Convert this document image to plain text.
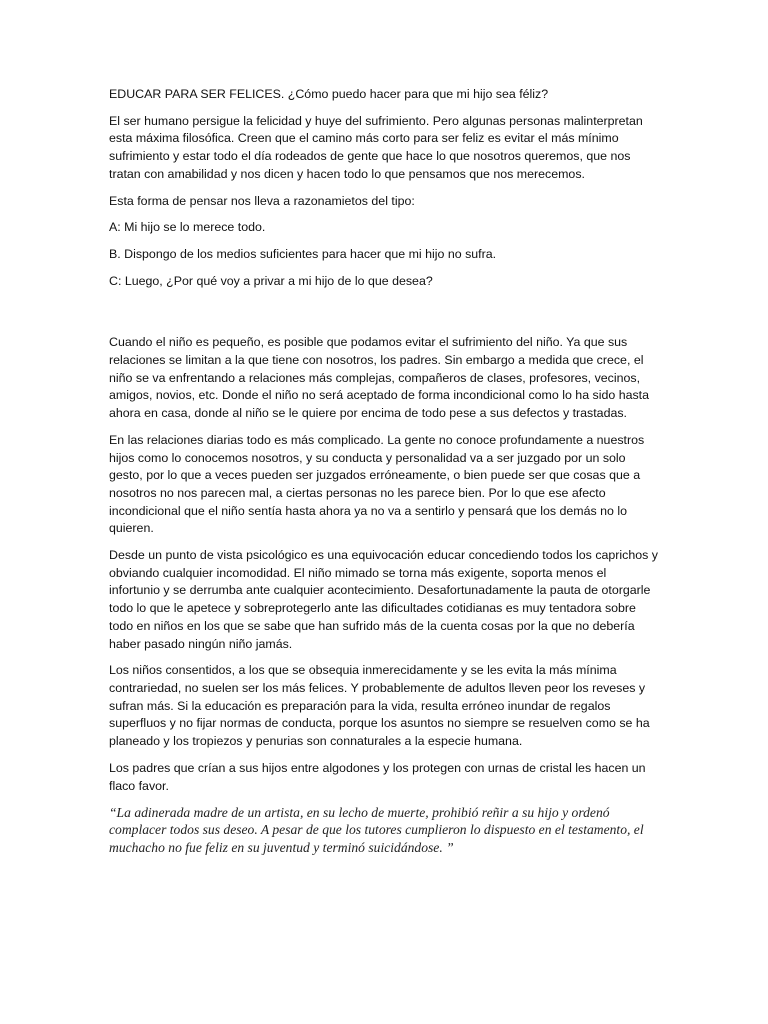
EDUCAR PARA SER FELICES. ¿Cómo puedo hacer para que mi hijo sea féliz?

El ser humano persigue la felicidad y huye del sufrimiento. Pero algunas personas malinterpretan esta máxima filosófica. Creen que el camino más corto para ser feliz es evitar el más mínimo sufrimiento y estar todo el día rodeados de gente que hace lo que nosotros queremos, que nos tratan con amabilidad y nos dicen y hacen todo lo que pensamos que nos merecemos.

Esta forma de pensar nos lleva a razonamietos del tipo:

A: Mi hijo se lo merece todo.

B. Dispongo de los medios suficientes para hacer que mi hijo no sufra.

C: Luego, ¿Por qué voy a privar a mi hijo de lo que desea?

Cuando el niño es pequeño, es posible que podamos evitar el sufrimiento del niño. Ya que sus relaciones se limitan a la que tiene con nosotros, los padres. Sin embargo a medida que crece, el niño se va enfrentando a relaciones más complejas, compañeros de clases, profesores, vecinos, amigos, novios, etc. Donde el niño no será aceptado de forma incondicional como lo ha sido hasta ahora en casa, donde al niño se le quiere por encima de todo pese a sus defectos y trastadas.

En las relaciones diarias todo es más complicado. La gente no conoce profundamente a nuestros hijos como lo conocemos nosotros, y su conducta y personalidad va a ser juzgado por un solo gesto, por lo que a veces pueden ser juzgados erróneamente, o bien puede ser que cosas que a nosotros no nos parecen mal, a ciertas personas no les parece bien. Por lo que ese afecto incondicional que el niño sentía hasta ahora ya no va a sentirlo y pensará que los demás no lo quieren.

Desde un punto de vista psicológico es una equivocación educar concediendo todos los caprichos y obviando cualquier incomodidad. El niño mimado se torna más exigente, soporta menos el infortunio y se derrumba ante cualquier acontecimiento. Desafortunadamente la pauta de otorgarle todo lo que le apetece y sobreprotegerlo ante las dificultades cotidianas es muy tentadora sobre todo en niños en los que se sabe que han sufrido más de la cuenta cosas por la que no debería haber pasado ningún niño jamás.

Los niños consentidos, a los que se obsequia inmerecidamente y se les evita la más mínima contrariedad, no suelen ser los más felices. Y probablemente de adultos lleven peor los reveses y sufran más. Si la educación es preparación para la vida, resulta erróneo inundar de regalos superfluos y no fijar normas de conducta, porque los asuntos no siempre se resuelven como se ha planeado y los tropiezos y penurias son connaturales a la especie humana.

Los padres que crían a sus hijos entre algodones y los protegen con urnas de cristal les hacen un flaco favor.

“La adinerada madre de un artista, en su lecho de muerte, prohibió reñir a su hijo y ordenó complacer todos sus deseo. A pesar de que los tutores cumplieron lo dispuesto en el testamento, el muchacho no fue feliz en su juventud y terminó suicidándose. ”
